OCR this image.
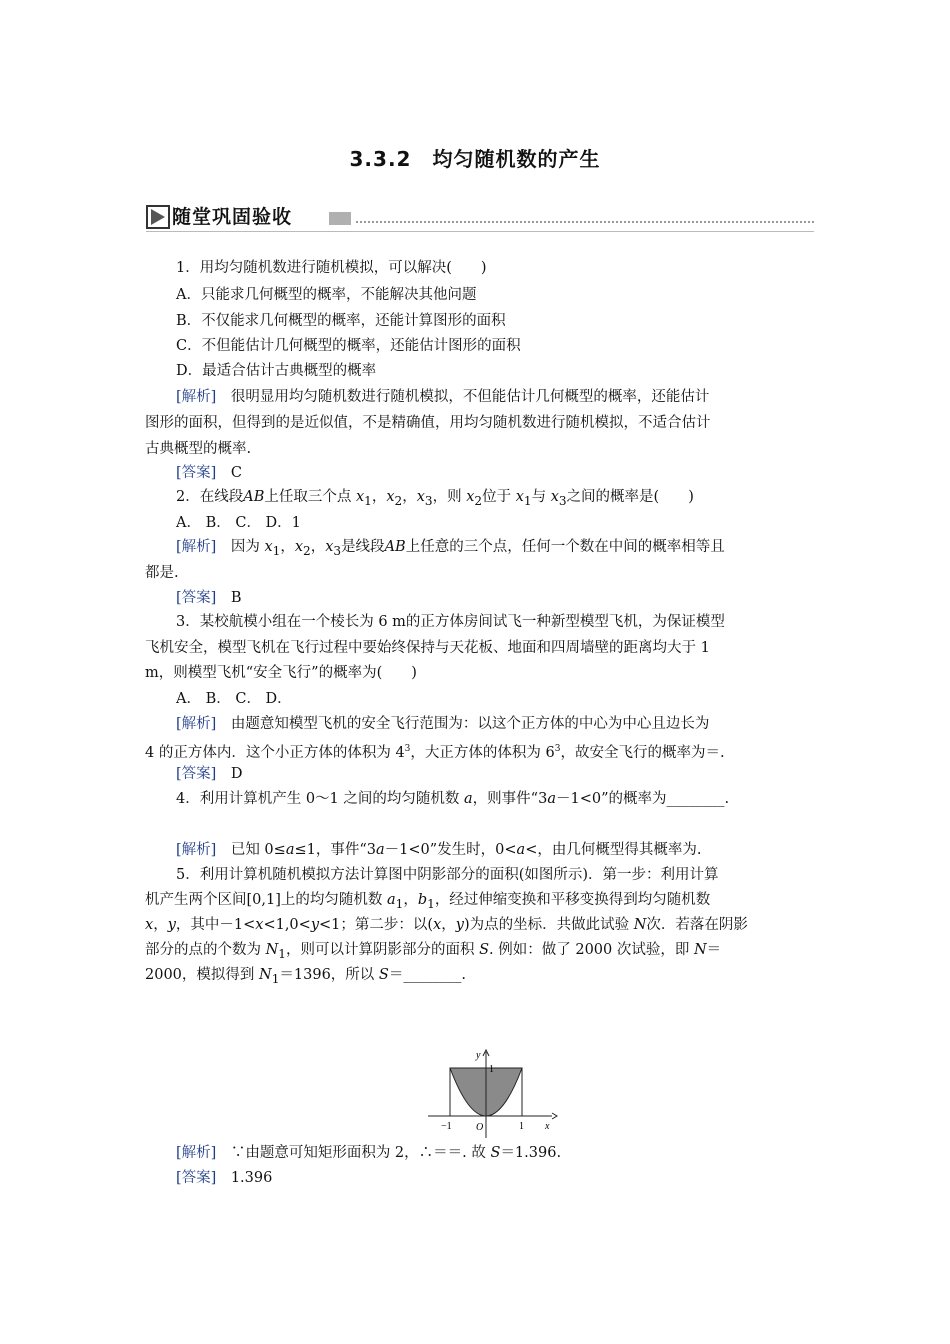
3.3.2　均匀随机数的产生
随堂巩固验收
1．用均匀随机数进行随机模拟，可以解决(　　)
A．只能求几何概型的概率，不能解决其他问题
B．不仅能求几何概型的概率，还能计算图形的面积
C．不但能估计几何概型的概率，还能估计图形的面积
D．最适合估计古典概型的概率
[解析]　很明显用均匀随机数进行随机模拟，不但能估计几何概型的概率，还能估计
图形的面积，但得到的是近似值，不是精确值，用均匀随机数进行随机模拟，不适合估计
古典概型的概率.
[答案]　 C
2．在线段AB上任取三个点 $x_1$，$x_2$，$x_3$，则 $x_2$位于 $x_1$与 $x_3$之间的概率是(　　)
A． B． C． D．1
[解析]　因为 $x_1$，$x_2$，$x_3$是线段AB上任意的三个点，任何一个数在中间的概率相等且
都是.
[答案]　 B
3．某校航模小组在一个棱长为 6 m的正方体房间试飞一种新型模型飞机，为保证模型
飞机安全，模型飞机在飞行过程中要始终保持与天花板、地面和四周墙壁的距离均大于 1
m，则模型飞机“安全飞行”的概率为(　　)
A． B． C． D．
[解析]　由题意知模型飞机的安全飞行范围为：以这个正方体的中心为中心且边长为
4 的正方体内．这个小正方体的体积为 $4^3$，大正方体的体积为 $6^3$，故安全飞行的概率为＝.
[答案]　 D
4．利用计算机产生 0～1 之间的均匀随机数 a，则事件“3a－1<0”的概率为________.
[解析]　已知 0≤a≤1，事件“3a－1<0”发生时，0<a<，由几何概型得其概率为.
5．利用计算机随机模拟方法计算图中阴影部分的面积(如图所示)．第一步：利用计算
机产生两个区间[0,1]上的均匀随机数 $a_1$，$b_1$，经过伸缩变换和平移变换得到均匀随机数
x，y，其中－1<x<1,0<y<1；第二步：以(x，y)为点的坐标．共做此试验 N次．若落在阴影
部分的点的个数为 $N_1$，则可以计算阴影部分的面积 S. 例如：做了 2000 次试验，即 N＝
2000，模拟得到 $N_1=1396$，所以 S＝________.
y
1
−1 O	1 x
[解析]　∵由题意可知矩形面积为 2，∴＝＝. 故 S＝1.396.
[答案]　 1.396
